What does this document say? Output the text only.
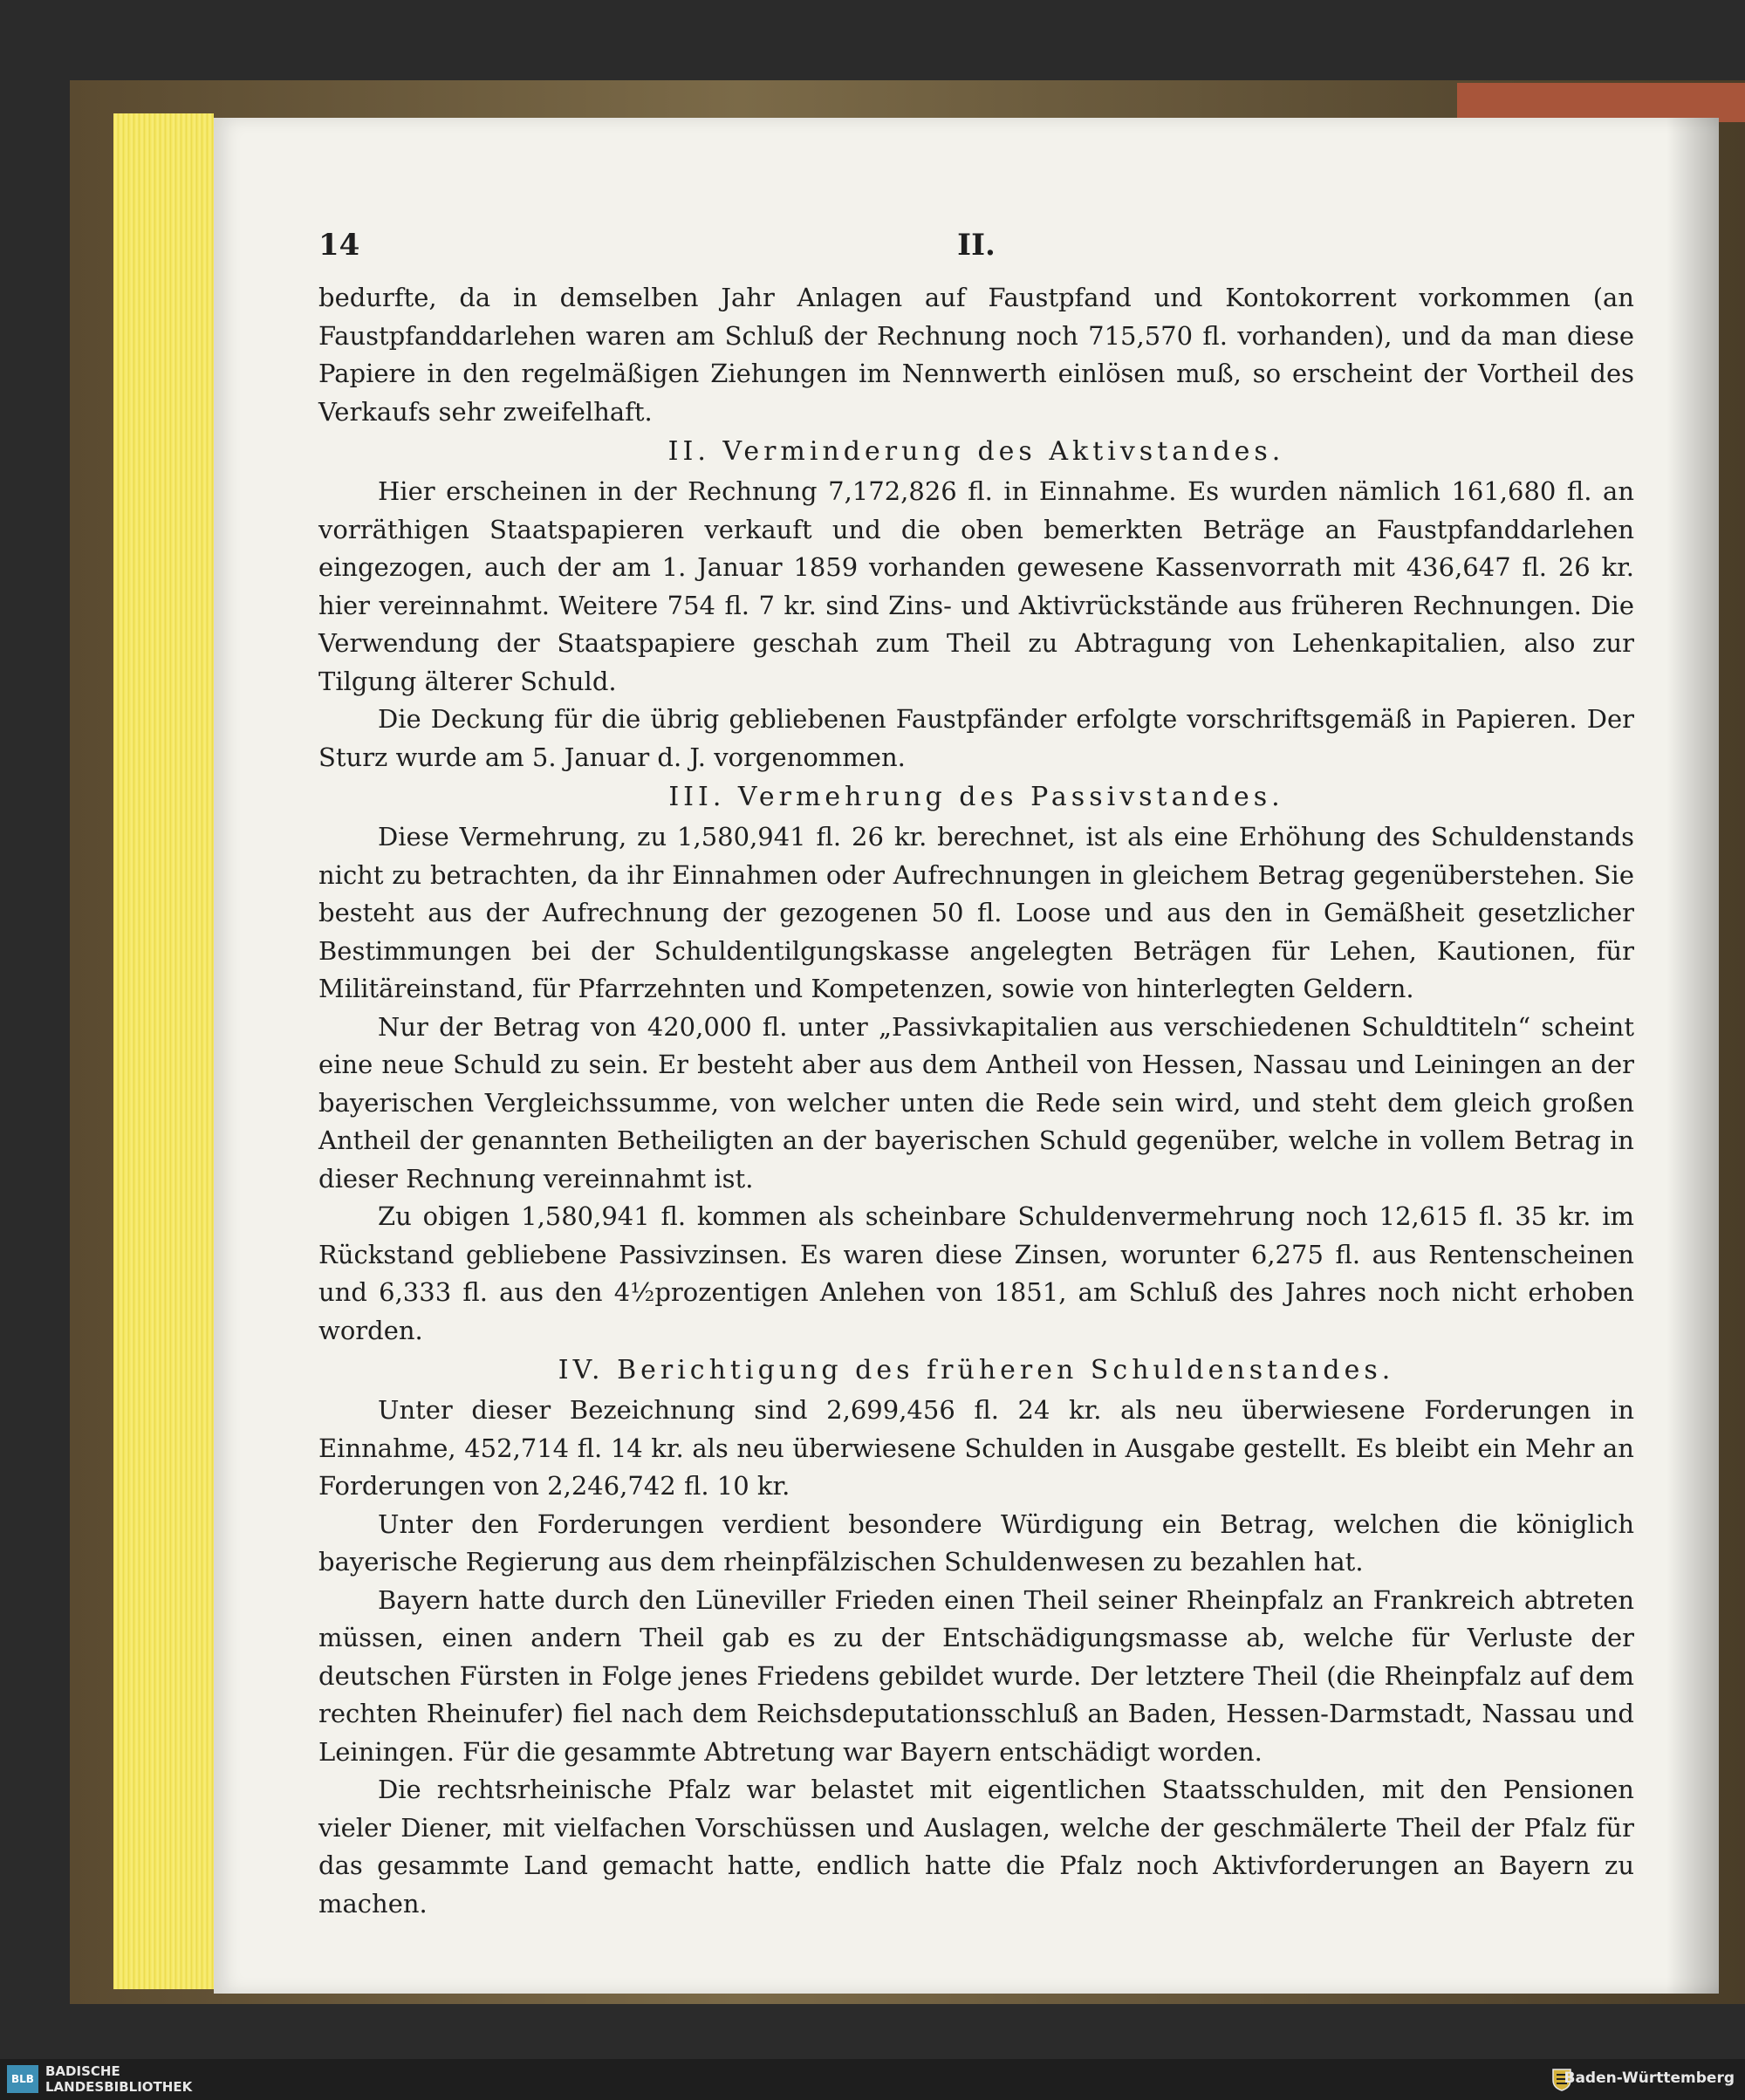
14	II.

bedurfte, da in demselben Jahr Anlagen auf Faustpfand und Kontokorrent vorkommen (an Faustpfanddarlehen waren am Schluß der Rechnung noch 715,570 fl. vorhanden), und da man diese Papiere in den regelmäßigen Ziehungen im Nennwerth einlösen muß, so erscheint der Vortheil des Verkaufs sehr zweifelhaft.

II. Verminderung des Aktivstandes.

Hier erscheinen in der Rechnung 7,172,826 fl. in Einnahme. Es wurden nämlich 161,680 fl. an vorräthigen Staatspapieren verkauft und die oben bemerkten Beträge an Faustpfanddarlehen eingezogen, auch der am 1. Januar 1859 vorhanden gewesene Kassenvorrath mit 436,647 fl. 26 kr. hier vereinnahmt. Weitere 754 fl. 7 kr. sind Zins- und Aktivrückstände aus früheren Rechnungen. Die Verwendung der Staatspapiere geschah zum Theil zu Abtragung von Lehenkapitalien, also zur Tilgung älterer Schuld.

Die Deckung für die übrig gebliebenen Faustpfänder erfolgte vorschriftsgemäß in Papieren. Der Sturz wurde am 5. Januar d. J. vorgenommen.

III. Vermehrung des Passivstandes.

Diese Vermehrung, zu 1,580,941 fl. 26 kr. berechnet, ist als eine Erhöhung des Schuldenstands nicht zu betrachten, da ihr Einnahmen oder Aufrechnungen in gleichem Betrag gegenüberstehen. Sie besteht aus der Aufrechnung der gezogenen 50 fl. Loose und aus den in Gemäßheit gesetzlicher Bestimmungen bei der Schuldentilgungskasse angelegten Beträgen für Lehen, Kautionen, für Militäreinstand, für Pfarrzehnten und Kompetenzen, sowie von hinterlegten Geldern.

Nur der Betrag von 420,000 fl. unter „Passivkapitalien aus verschiedenen Schuldtiteln“ scheint eine neue Schuld zu sein. Er besteht aber aus dem Antheil von Hessen, Nassau und Leiningen an der bayerischen Vergleichssumme, von welcher unten die Rede sein wird, und steht dem gleich großen Antheil der genannten Betheiligten an der bayerischen Schuld gegenüber, welche in vollem Betrag in dieser Rechnung vereinnahmt ist.

Zu obigen 1,580,941 fl. kommen als scheinbare Schuldenvermehrung noch 12,615 fl. 35 kr. im Rückstand gebliebene Passivzinsen. Es waren diese Zinsen, worunter 6,275 fl. aus Rentenscheinen und 6,333 fl. aus den 4½prozentigen Anlehen von 1851, am Schluß des Jahres noch nicht erhoben worden.

IV. Berichtigung des früheren Schuldenstandes.

Unter dieser Bezeichnung sind 2,699,456 fl. 24 kr. als neu überwiesene Forderungen in Einnahme, 452,714 fl. 14 kr. als neu überwiesene Schulden in Ausgabe gestellt. Es bleibt ein Mehr an Forderungen von 2,246,742 fl. 10 kr.

Unter den Forderungen verdient besondere Würdigung ein Betrag, welchen die königlich bayerische Regierung aus dem rheinpfälzischen Schuldenwesen zu bezahlen hat.

Bayern hatte durch den Lüneviller Frieden einen Theil seiner Rheinpfalz an Frankreich abtreten müssen, einen andern Theil gab es zu der Entschädigungsmasse ab, welche für Verluste der deutschen Fürsten in Folge jenes Friedens gebildet wurde. Der letztere Theil (die Rheinpfalz auf dem rechten Rheinufer) fiel nach dem Reichsdeputationsschluß an Baden, Hessen-Darmstadt, Nassau und Leiningen. Für die gesammte Abtretung war Bayern entschädigt worden.

Die rechtsrheinische Pfalz war belastet mit eigentlichen Staatsschulden, mit den Pensionen vieler Diener, mit vielfachen Vorschüssen und Auslagen, welche der geschmälerte Theil der Pfalz für das gesammte Land gemacht hatte, endlich hatte die Pfalz noch Aktivforderungen an Bayern zu machen.

BLB BADISCHE
LANDESBIBLIOTHEK	Baden-Württemberg
